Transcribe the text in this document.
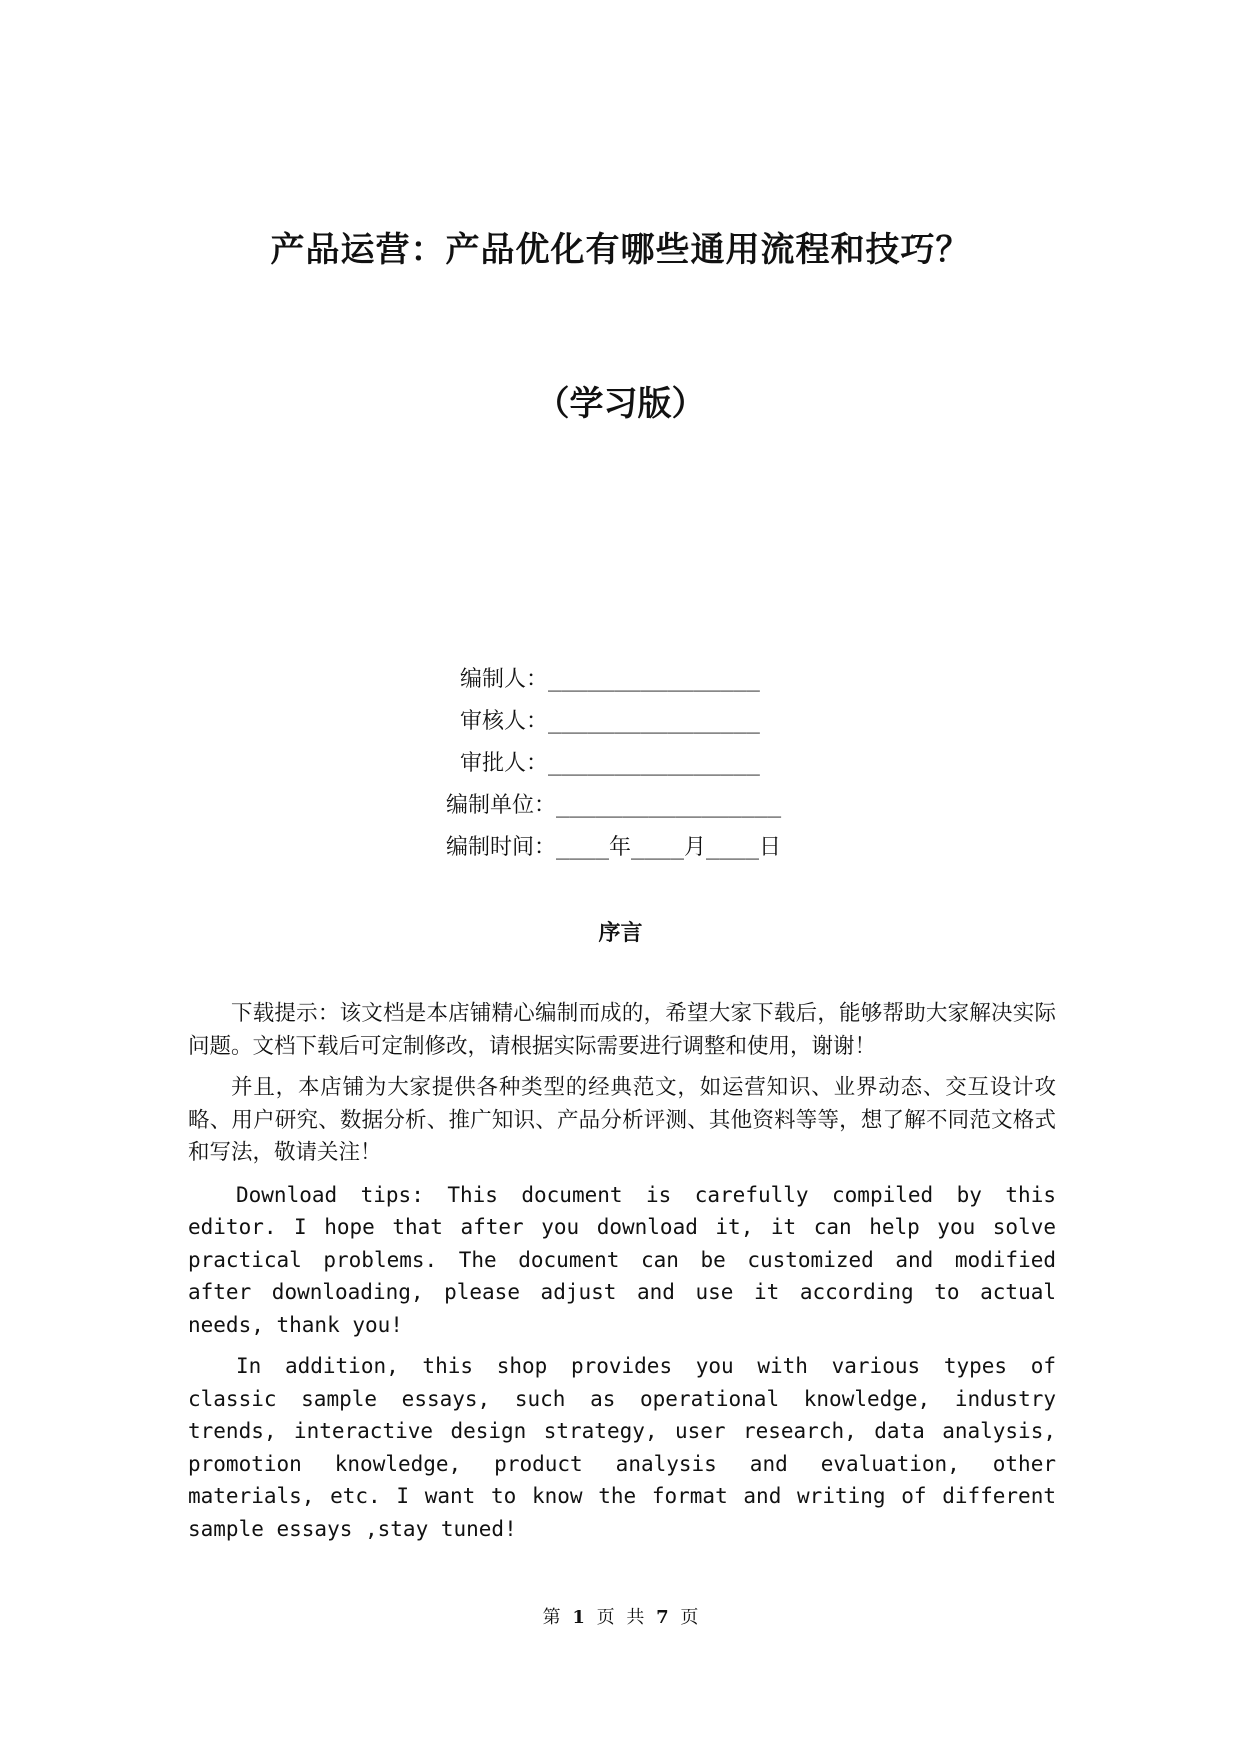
产品运营：产品优化有哪些通用流程和技巧？
（学习版）
编制人：________________
审核人：________________
审批人：________________
编制单位：_________________
编制时间：____年____月____日
序言

下载提示：该文档是本店铺精心编制而成的，希望大家下载后，能够帮助大家解决实际问题。文档下载后可定制修改，请根据实际需要进行调整和使用，谢谢！

并且，本店铺为大家提供各种类型的经典范文，如运营知识、业界动态、交互设计攻略、用户研究、数据分析、推广知识、产品分析评测、其他资料等等，想了解不同范文格式和写法，敬请关注！

Download tips: This document is carefully compiled by this editor. I hope that after you download it, it can help you solve practical problems. The document can be customized and modified after downloading, please adjust and use it according to actual needs, thank you!

In addition, this shop provides you with various types of classic sample essays, such as operational knowledge, industry trends, interactive design strategy, user research, data analysis, promotion knowledge, product analysis and evaluation, other materials, etc. I want to know the format and writing of different sample essays ,stay tuned!

第 1 页 共 7 页
